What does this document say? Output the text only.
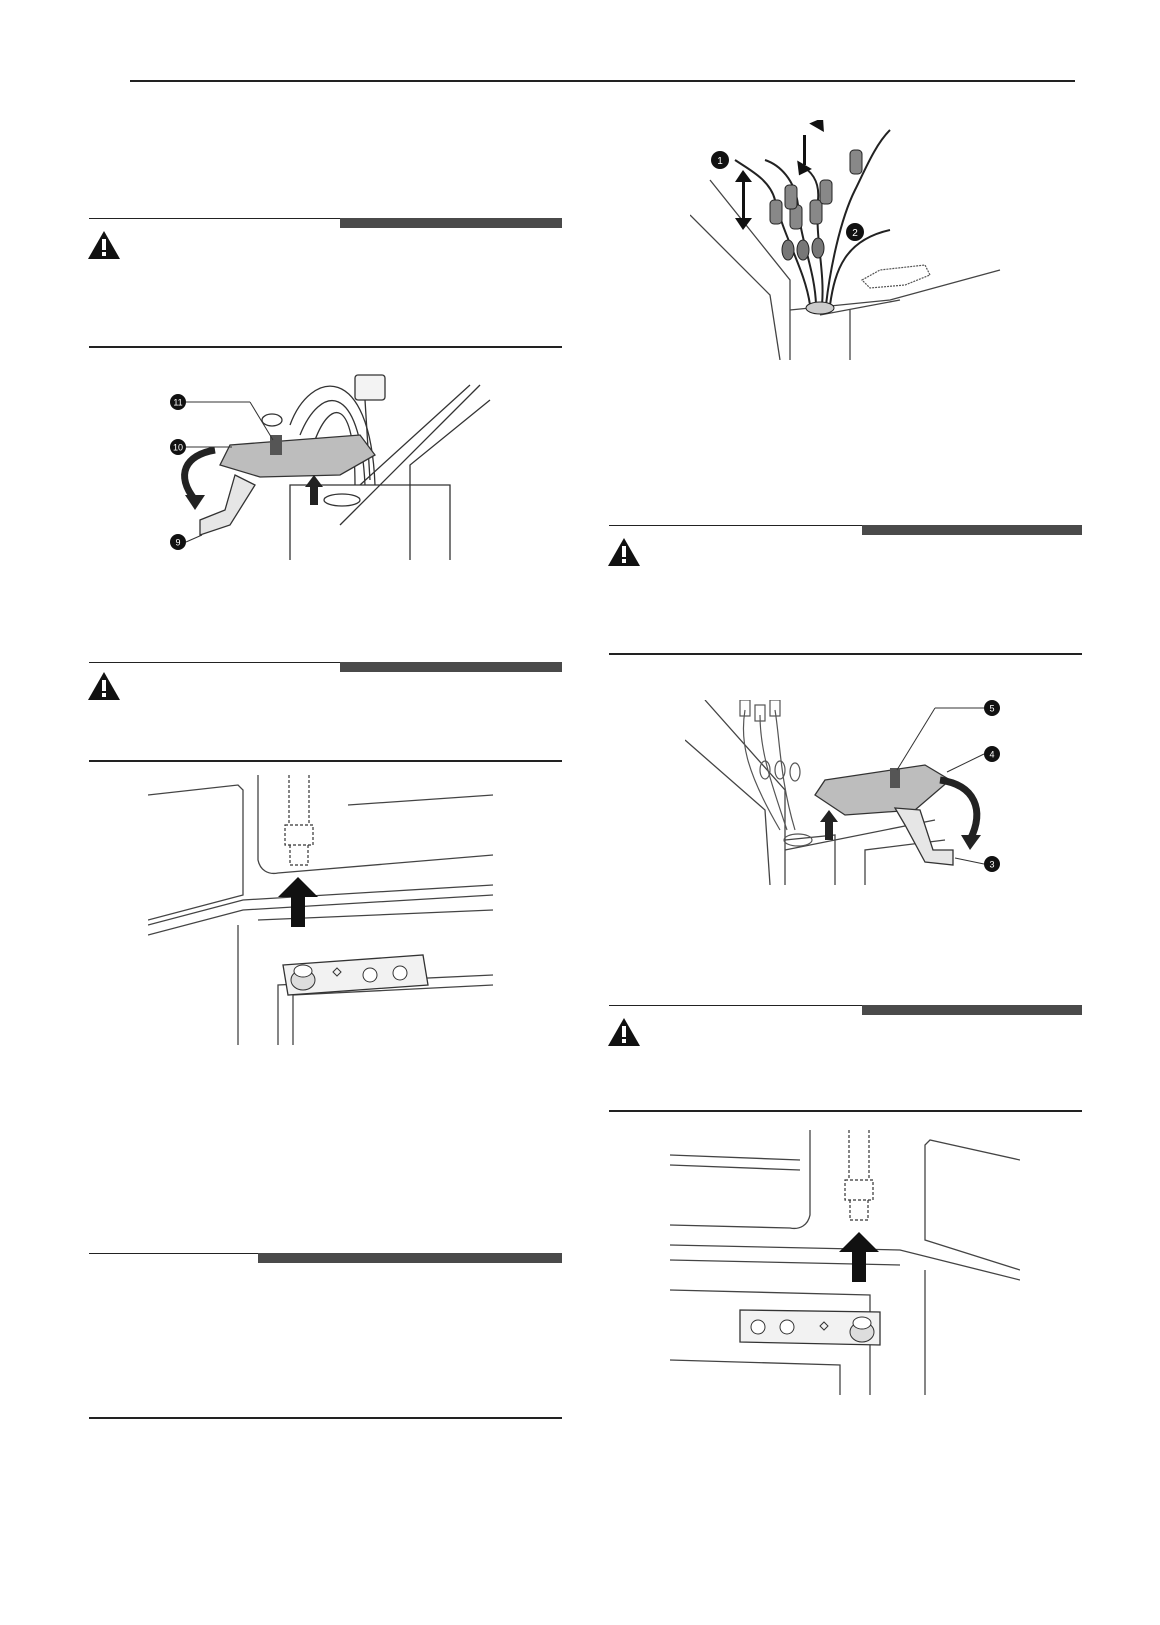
11
10
9
1
2
5
4
3
